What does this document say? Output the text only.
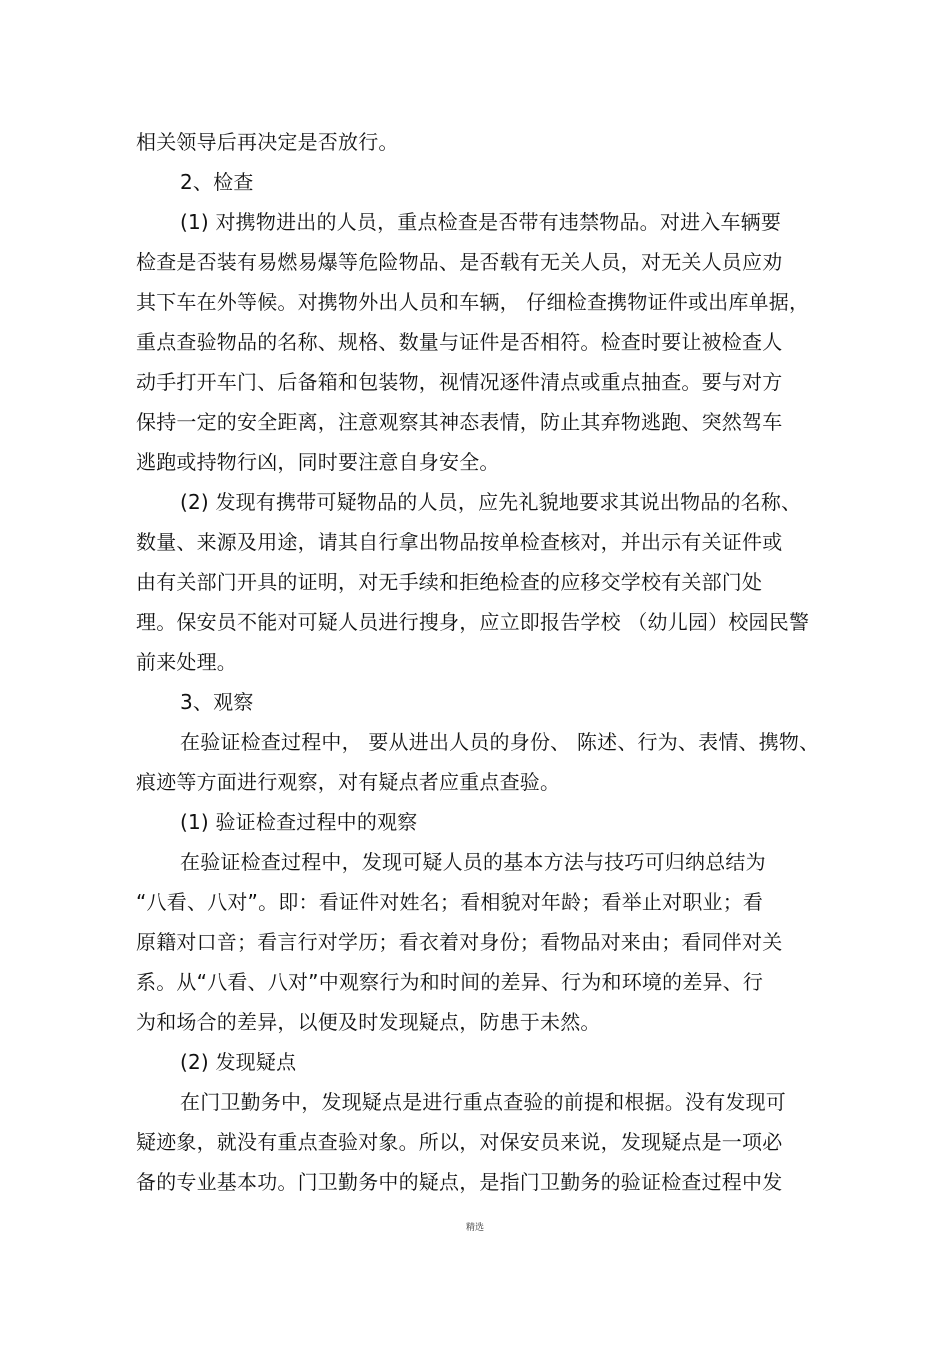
相关领导后再决定是否放行。
2、检查
(1) 对携物进出的人员，重点检查是否带有违禁物品。对进入车辆要
检查是否装有易燃易爆等危险物品、是否载有无关人员，对无关人员应劝
其下车在外等候。对携物外出人员和车辆， 仔细检查携物证件或出库单据，
重点查验物品的名称、规格、数量与证件是否相符。检查时要让被检查人
动手打开车门、后备箱和包装物，视情况逐件清点或重点抽查。要与对方
保持一定的安全距离，注意观察其神态表情，防止其弃物逃跑、突然驾车
逃跑或持物行凶，同时要注意自身安全。
(2) 发现有携带可疑物品的人员，应先礼貌地要求其说出物品的名称、
数量、来源及用途，请其自行拿出物品按单检查核对，并出示有关证件或
由有关部门开具的证明，对无手续和拒绝检查的应移交学校有关部门处
理。保安员不能对可疑人员进行搜身，应立即报告学校 （幼儿园）校园民警
前来处理。
3、观察
在验证检查过程中， 要从进出人员的身份、 陈述、行为、表情、携物、
痕迹等方面进行观察，对有疑点者应重点查验。
(1) 验证检查过程中的观察
在验证检查过程中，发现可疑人员的基本方法与技巧可归纳总结为
“八看、八对”。即：看证件对姓名；看相貌对年龄；看举止对职业；看
原籍对口音；看言行对学历；看衣着对身份；看物品对来由；看同伴对关
系。从“八看、八对”中观察行为和时间的差异、行为和环境的差异、行
为和场合的差异，以便及时发现疑点，防患于未然。
(2) 发现疑点
在门卫勤务中，发现疑点是进行重点查验的前提和根据。没有发现可
疑迹象，就没有重点查验对象。所以，对保安员来说，发现疑点是一项必
备的专业基本功。门卫勤务中的疑点，是指门卫勤务的验证检查过程中发
精选
